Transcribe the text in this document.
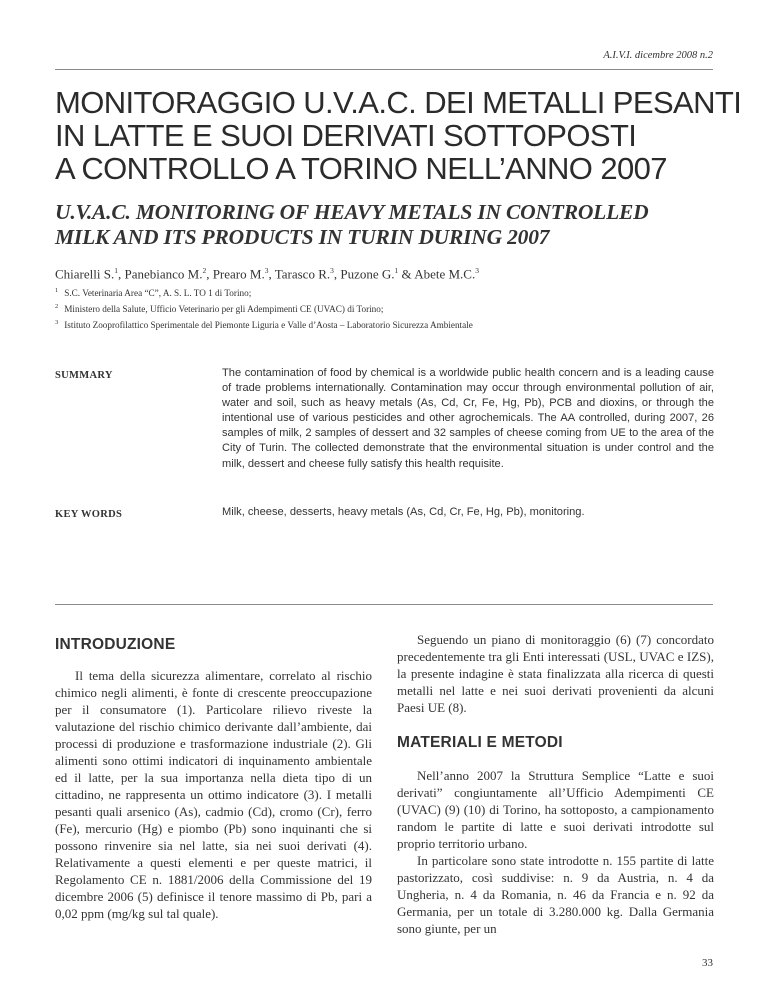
A.I.V.I. dicembre 2008 n.2
MONITORAGGIO U.V.A.C. DEI METALLI PESANTI
IN LATTE E SUOI DERIVATI SOTTOPOSTI
A CONTROLLO A TORINO NELL’ANNO 2007
U.V.A.C. MONITORING OF HEAVY METALS IN CONTROLLED
MILK AND ITS PRODUCTS IN TURIN DURING 2007
Chiarelli S.$^1$, Panebianco M.$^2$, Prearo M.$^3$, Tarasco R.$^3$, Puzone G.$^1$ & Abete M.C.$^3$
$^1$ S.C. Veterinaria Area “C”, A. S. L. TO 1 di Torino;
$^2$ Ministero della Salute, Ufficio Veterinario per gli Adempimenti CE (UVAC) di Torino;
$^3$ Istituto Zooprofilattico Sperimentale del Piemonte Liguria e Valle d’Aosta – Laboratorio Sicurezza Ambientale
SUMMARY	The contamination of food by chemical is a worldwide public health concern and is a leading cause of trade problems internationally. Contamination may occur through environmental pollution of air, water and soil, such as heavy metals (As, Cd, Cr, Fe, Hg, Pb), PCB and dioxins, or through the intentional use of various pesticides and other agrochemicals. The AA controlled, during 2007, 26 samples of milk, 2 samples of dessert and 32 samples of cheese coming from UE to the area of the City of Turin. The collected demonstrate that the environmental situation is under control and the milk, dessert and cheese fully satisfy this health requisite.

KEY WORDS	Milk, cheese, desserts, heavy metals (As, Cd, Cr, Fe, Hg, Pb), monitoring.

INTRODUZIONE

Il tema della sicurezza alimentare, correlato al rischio chimico negli alimenti, è fonte di crescente preoccupazione per il consumatore (1). Particolare rilievo riveste la valutazione del rischio chimico derivante dall’ambiente, dai processi di produzione e trasformazione industriale (2). Gli alimenti sono ottimi indicatori di inquinamento ambientale ed il latte, per la sua importanza nella dieta tipo di un cittadino, ne rappresenta un ottimo indicatore (3). I metalli pesanti quali arsenico (As), cadmio (Cd), cromo (Cr), ferro (Fe), mercurio (Hg) e piombo (Pb) sono inquinanti che si possono rinvenire sia nel latte, sia nei suoi derivati (4). Relativamente a questi elementi e per queste matrici, il Regolamento CE n. 1881/2006 della Commissione del 19 dicembre 2006 (5) definisce il tenore massimo di Pb, pari a 0,02 ppm (mg/kg sul tal quale).

Seguendo un piano di monitoraggio (6) (7) concordato precedentemente tra gli Enti interessati (USL, UVAC e IZS), la presente indagine è stata finalizzata alla ricerca di questi metalli nel latte e nei suoi derivati provenienti da alcuni Paesi UE (8).

MATERIALI E METODI

Nell’anno 2007 la Struttura Semplice “Latte e suoi derivati” congiuntamente all’Ufficio Adempimenti CE (UVAC) (9) (10) di Torino, ha sottoposto, a campionamento random le partite di latte e suoi derivati introdotte sul proprio territorio urbano.

In particolare sono state introdotte n. 155 partite di latte pastorizzato, così suddivise: n. 9 da Austria, n. 4 da Ungheria, n. 4 da Romania, n. 46 da Francia e n. 92 da Germania, per un totale di 3.280.000 kg. Dalla Germania sono giunte, per un

33
